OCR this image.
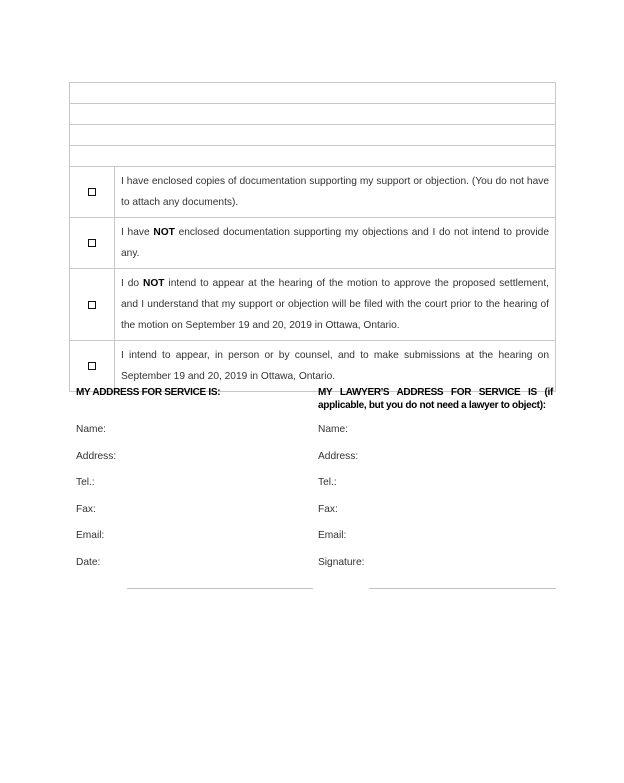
I have enclosed copies of documentation supporting my support or objection. (You do not have to attach any documents).
I have NOT enclosed documentation supporting my objections and I do not intend to provide any.
I do NOT intend to appear at the hearing of the motion to approve the proposed settlement, and I understand that my support or objection will be filed with the court prior to the hearing of the motion on September 19 and 20, 2019 in Ottawa, Ontario.
I intend to appear, in person or by counsel, and to make submissions at the hearing on September 19 and 20, 2019 in Ottawa, Ontario.
MY ADDRESS FOR SERVICE IS:
Name:
Address:
Tel.:
Fax:
Email:
Date:
MY LAWYER'S ADDRESS FOR SERVICE IS (if applicable, but you do not need a lawyer to object):
Name:
Address:
Tel.:
Fax:
Email:
Signature:
